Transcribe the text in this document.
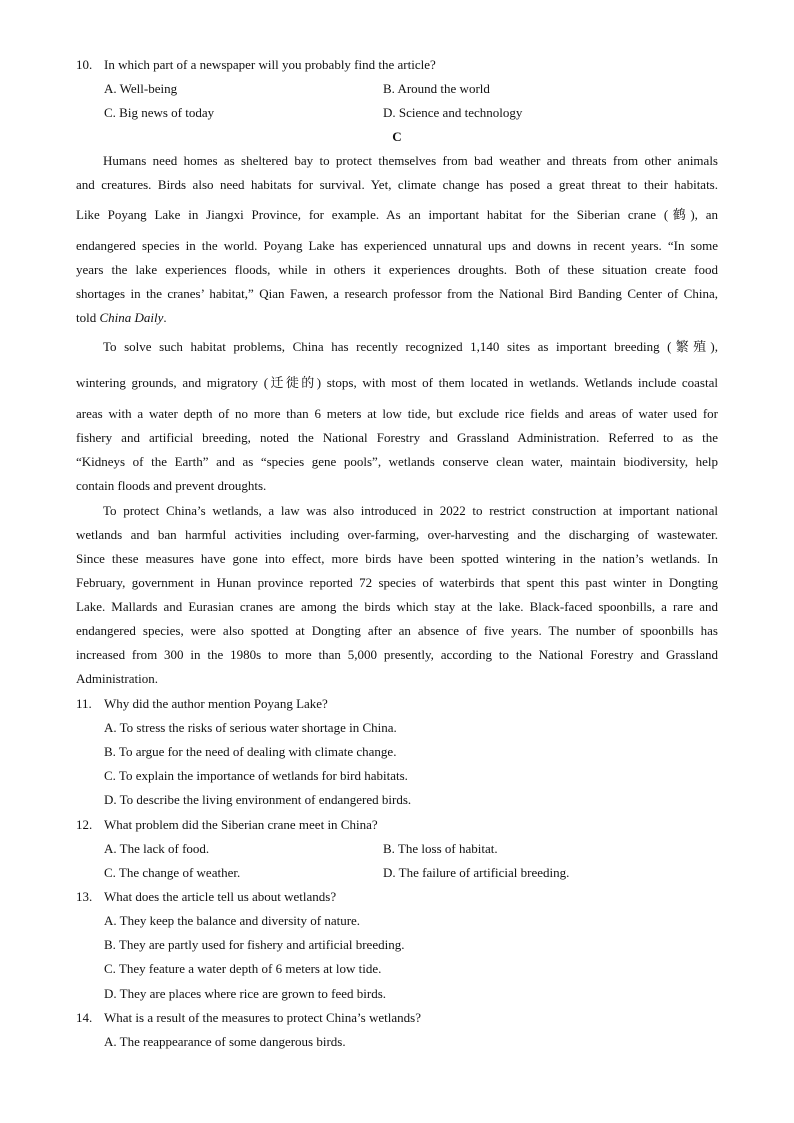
10. In which part of a newspaper will you probably find the article?
A. Well-being	B. Around the world
C. Big news of today	D. Science and technology
C
Humans need homes as sheltered bay to protect themselves from bad weather and threats from other animals
and creatures. Birds also need habitats for survival. Yet, climate change has posed a great threat to their habitats.
Like Poyang Lake in Jiangxi Province, for example. As an important habitat for the Siberian crane (鹤), an
endangered species in the world. Poyang Lake has experienced unnatural ups and downs in recent years. “In some
years the lake experiences floods, while in others it experiences droughts. Both of these situation create food
shortages in the cranes’ habitat,” Qian Fawen, a research professor from the National Bird Banding Center of China,
told China Daily.
To solve such habitat problems, China has recently recognized 1,140 sites as important breeding (繁殖),
wintering grounds, and migratory (迁徙的) stops, with most of them located in wetlands. Wetlands include coastal
areas with a water depth of no more than 6 meters at low tide, but exclude rice fields and areas of water used for
fishery and artificial breeding, noted the National Forestry and Grassland Administration. Referred to as the
“Kidneys of the Earth” and as “species gene pools”, wetlands conserve clean water, maintain biodiversity, help
contain floods and prevent droughts.
To protect China’s wetlands, a law was also introduced in 2022 to restrict construction at important national
wetlands and ban harmful activities including over-farming, over-harvesting and the discharging of wastewater.
Since these measures have gone into effect, more birds have been spotted wintering in the nation’s wetlands. In
February, government in Hunan province reported 72 species of waterbirds that spent this past winter in Dongting
Lake. Mallards and Eurasian cranes are among the birds which stay at the lake. Black-faced spoonbills, a rare and
endangered species, were also spotted at Dongting after an absence of five years. The number of spoonbills has
increased from 300 in the 1980s to more than 5,000 presently, according to the National Forestry and Grassland
Administration.
11. Why did the author mention Poyang Lake?
A. To stress the risks of serious water shortage in China.
B. To argue for the need of dealing with climate change.
C. To explain the importance of wetlands for bird habitats.
D. To describe the living environment of endangered birds.
12. What problem did the Siberian crane meet in China?
A. The lack of food.	B. The loss of habitat.
C. The change of weather.	D. The failure of artificial breeding.
13. What does the article tell us about wetlands?
A. They keep the balance and diversity of nature.
B. They are partly used for fishery and artificial breeding.
C. They feature a water depth of 6 meters at low tide.
D. They are places where rice are grown to feed birds.
14. What is a result of the measures to protect China’s wetlands?
A. The reappearance of some dangerous birds.
